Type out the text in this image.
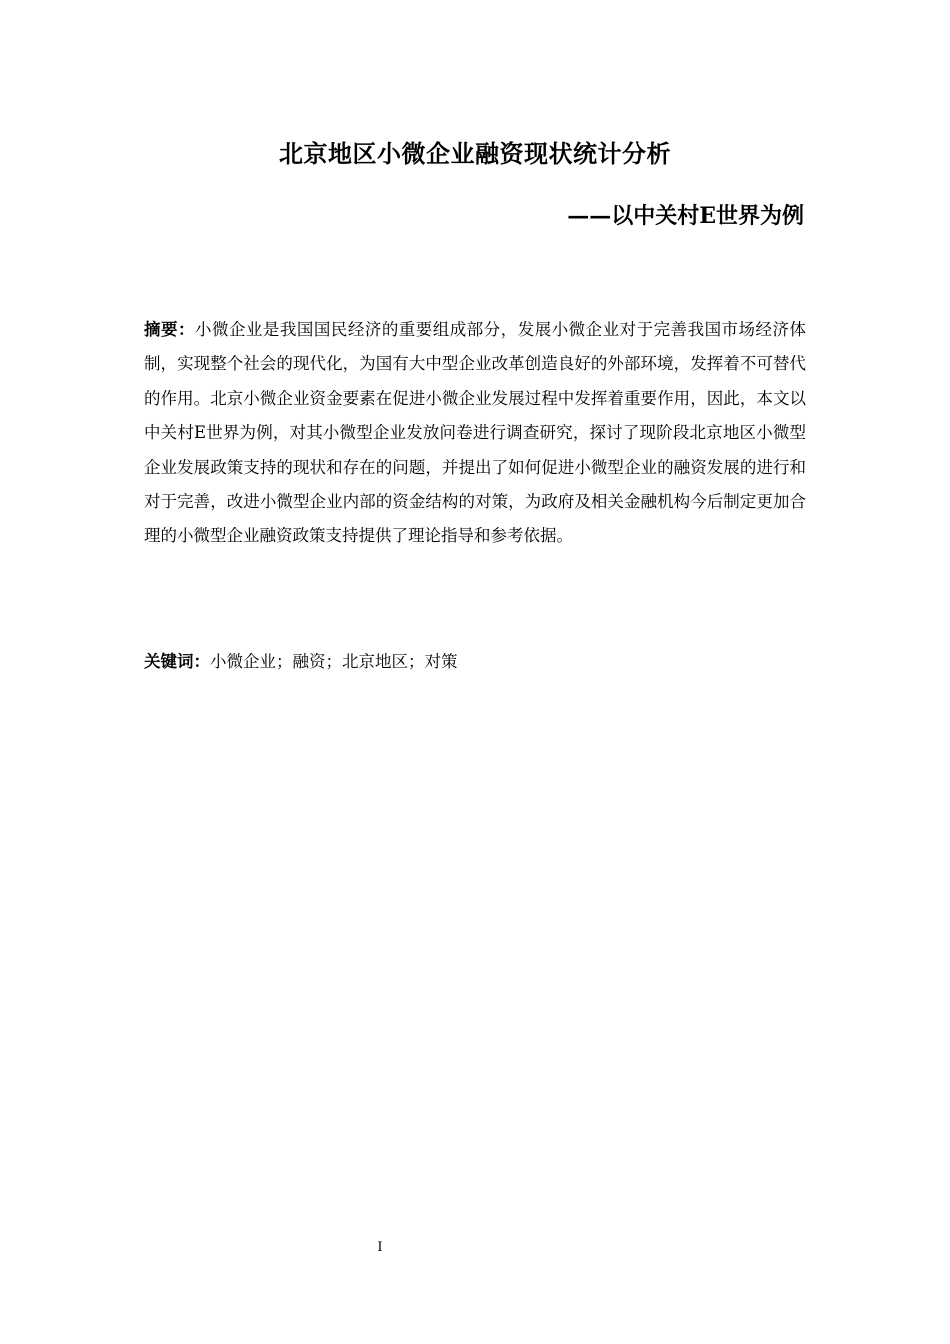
北京地区小微企业融资现状统计分析
——以中关村E世界为例

摘要：小微企业是我国国民经济的重要组成部分，发展小微企业对于完善我国市场经济体制，实现整个社会的现代化，为国有大中型企业改革创造良好的外部环境，发挥着不可替代的作用。北京小微企业资金要素在促进小微企业发展过程中发挥着重要作用，因此，本文以中关村E世界为例，对其小微型企业发放问卷进行调查研究，探讨了现阶段北京地区小微型企业发展政策支持的现状和存在的问题，并提出了如何促进小微型企业的融资发展的进行和对于完善，改进小微型企业内部的资金结构的对策，为政府及相关金融机构今后制定更加合理的小微型企业融资政策支持提供了理论指导和参考依据。

关键词：小微企业；融资；北京地区；对策

I
